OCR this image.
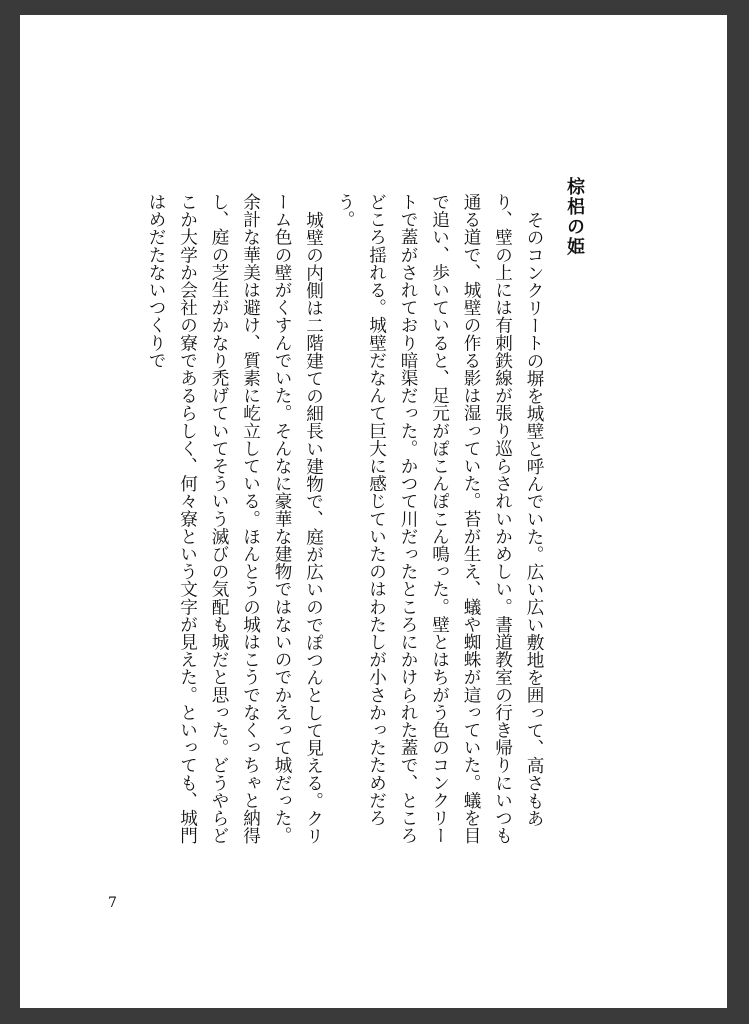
棕梠の姫

そのコンクリートの塀を城壁と呼んでいた。広い広い敷地を囲って、高さもあり、壁の上には有刺鉄線が張り巡らされいかめしい。書道教室の行き帰りにいつも通る道で、城壁の作る影は湿っていた。苔が生え、蟻や蜘蛛が這っていた。蟻を目で追い、歩いていると、足元がぽこんぽこん鳴った。壁とはちがう色のコンクリートで蓋がされており暗渠だった。かつて川だったところにかけられた蓋で、ところどころ揺れる。城壁だなんて巨大に感じていたのはわたしが小さかったためだろう。

城壁の内側は二階建ての細長い建物で、庭が広いのでぽつんとして見える。クリーム色の壁がくすんでいた。そんなに豪華な建物ではないのでかえって城だった。余計な華美は避け、質素に屹立している。ほんとうの城はこうでなくっちゃと納得し、庭の芝生がかなり禿げていてそういう滅びの気配も城だと思った。どうやらどこか大学か会社の寮であるらしく、何々寮という文字が見えた。といっても、城門はめだたないつくりで

7
